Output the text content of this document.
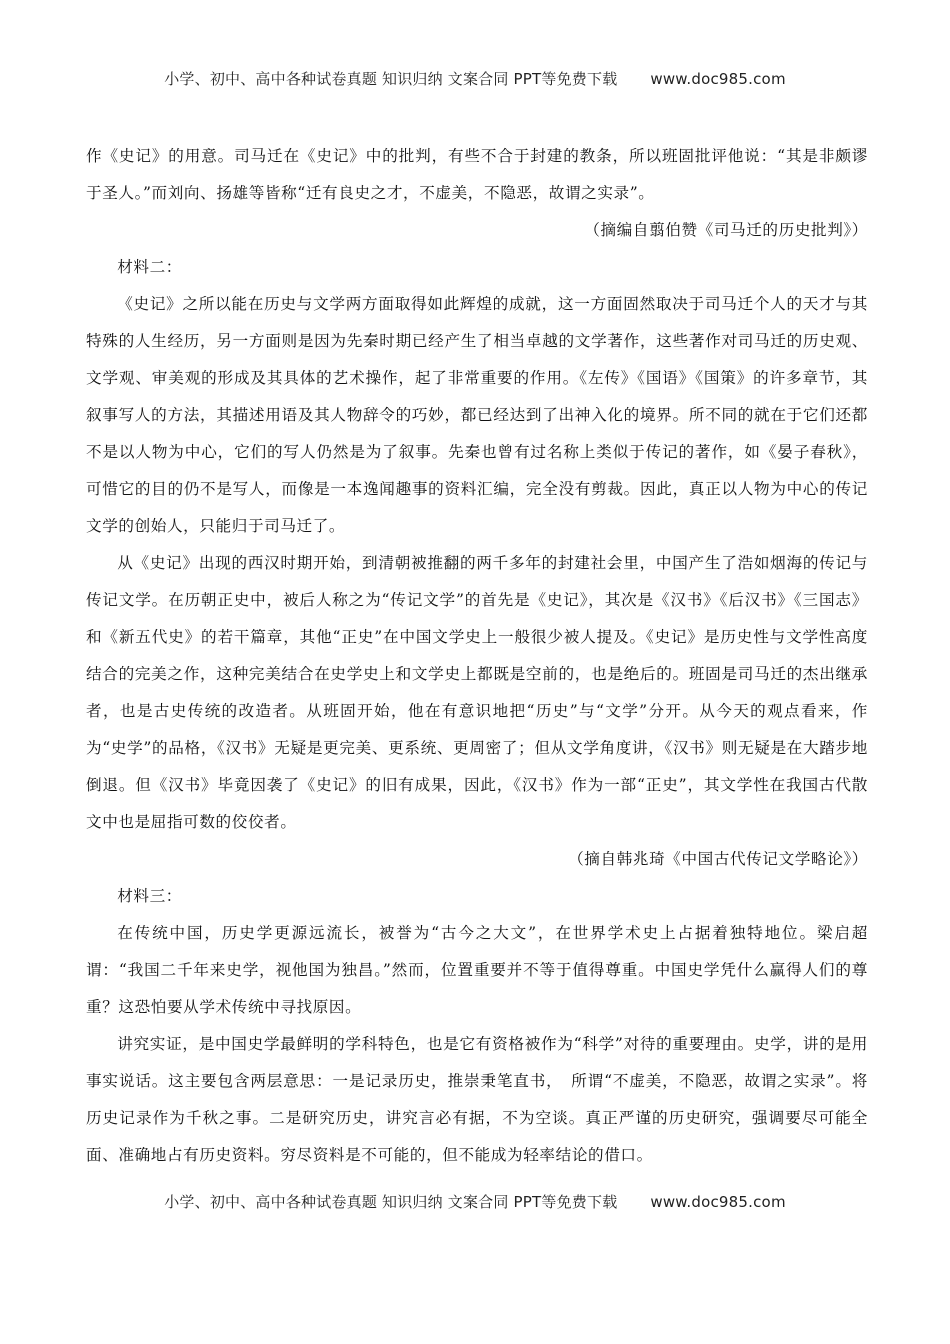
小学、初中、高中各种试卷真题 知识归纳 文案合同 PPT等免费下载 www.doc985.com

作《史记》的用意。司马迁在《史记》中的批判，有些不合于封建的教条，所以班固批评他说：“其是非颇谬于圣人。”而刘向、扬雄等皆称“迁有良史之才，不虚美，不隐恶，故谓之实录”。

（摘编自翦伯赞《司马迁的历史批判》）

材料二：

《史记》之所以能在历史与文学两方面取得如此辉煌的成就，这一方面固然取决于司马迁个人的天才与其特殊的人生经历，另一方面则是因为先秦时期已经产生了相当卓越的文学著作，这些著作对司马迁的历史观、文学观、审美观的形成及其具体的艺术操作，起了非常重要的作用。《左传》《国语》《国策》的许多章节，其叙事写人的方法，其描述用语及其人物辞令的巧妙，都已经达到了出神入化的境界。所不同的就在于它们还都不是以人物为中心，它们的写人仍然是为了叙事。先秦也曾有过名称上类似于传记的著作，如《晏子春秋》，可惜它的目的仍不是写人，而像是一本逸闻趣事的资料汇编，完全没有剪裁。因此，真正以人物为中心的传记文学的创始人，只能归于司马迁了。

从《史记》出现的西汉时期开始，到清朝被推翻的两千多年的封建社会里，中国产生了浩如烟海的传记与传记文学。在历朝正史中，被后人称之为“传记文学”的首先是《史记》，其次是《汉书》《后汉书》《三国志》和《新五代史》的若干篇章，其他“正史”在中国文学史上一般很少被人提及。《史记》是历史性与文学性高度结合的完美之作，这种完美结合在史学史上和文学史上都既是空前的，也是绝后的。班固是司马迁的杰出继承者，也是古史传统的改造者。从班固开始，他在有意识地把“历史”与“文学”分开。从今天的观点看来，作为“史学”的品格，《汉书》无疑是更完美、更系统、更周密了；但从文学角度讲，《汉书》则无疑是在大踏步地倒退。但《汉书》毕竟因袭了《史记》的旧有成果，因此，《汉书》作为一部“正史”，其文学性在我国古代散文中也是屈指可数的佼佼者。

（摘自韩兆琦《中国古代传记文学略论》）

材料三：

在传统中国，历史学更源远流长，被誉为“古今之大文”，在世界学术史上占据着独特地位。梁启超谓：“我国二千年来史学，视他国为独昌。”然而，位置重要并不等于值得尊重。中国史学凭什么赢得人们的尊重？这恐怕要从学术传统中寻找原因。

讲究实证，是中国史学最鲜明的学科特色，也是它有资格被作为“科学”对待的重要理由。史学，讲的是用事实说话。这主要包含两层意思：一是记录历史，推崇秉笔直书，　所谓“不虚美，不隐恶，故谓之实录”。将历史记录作为千秋之事。二是研究历史，讲究言必有据，不为空谈。真正严谨的历史研究，强调要尽可能全面、准确地占有历史资料。穷尽资料是不可能的，但不能成为轻率结论的借口。

小学、初中、高中各种试卷真题 知识归纳 文案合同 PPT等免费下载 www.doc985.com
